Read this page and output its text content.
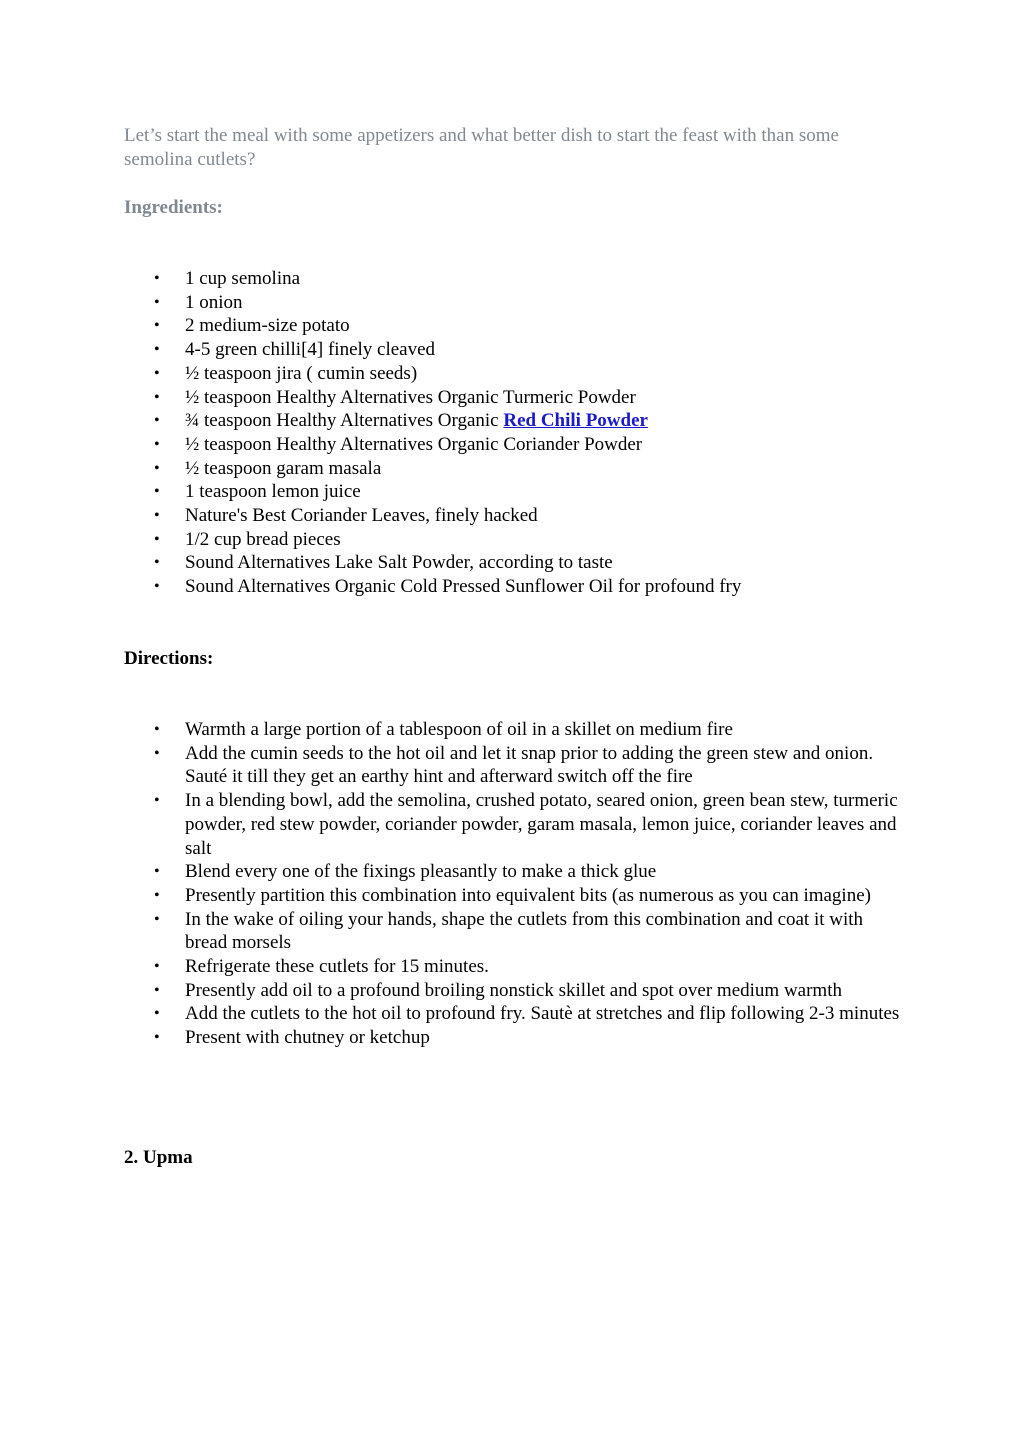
Let’s start the meal with some appetizers and what better dish to start the feast with than some semolina cutlets?

Ingredients:

• 1 cup semolina
• 1 onion
• 2 medium-size potato
• 4-5 green chilli[4] finely cleaved
• ½ teaspoon jira ( cumin seeds)
• ½ teaspoon Healthy Alternatives Organic Turmeric Powder
• ¾ teaspoon Healthy Alternatives Organic Red Chili Powder
• ½ teaspoon Healthy Alternatives Organic Coriander Powder
• ½ teaspoon garam masala
• 1 teaspoon lemon juice
• Nature's Best Coriander Leaves, finely hacked
• 1/2 cup bread pieces
• Sound Alternatives Lake Salt Powder, according to taste
• Sound Alternatives Organic Cold Pressed Sunflower Oil for profound fry

Directions:

• Warmth a large portion of a tablespoon of oil in a skillet on medium fire
• Add the cumin seeds to the hot oil and let it snap prior to adding the green stew and onion. Sauté it till they get an earthy hint and afterward switch off the fire
• In a blending bowl, add the semolina, crushed potato, seared onion, green bean stew, turmeric powder, red stew powder, coriander powder, garam masala, lemon juice, coriander leaves and salt
• Blend every one of the fixings pleasantly to make a thick glue
• Presently partition this combination into equivalent bits (as numerous as you can imagine)
• In the wake of oiling your hands, shape the cutlets from this combination and coat it with bread morsels
• Refrigerate these cutlets for 15 minutes.
• Presently add oil to a profound broiling nonstick skillet and spot over medium warmth
• Add the cutlets to the hot oil to profound fry. Sautè at stretches and flip following 2-3 minutes
• Present with chutney or ketchup

2. Upma
